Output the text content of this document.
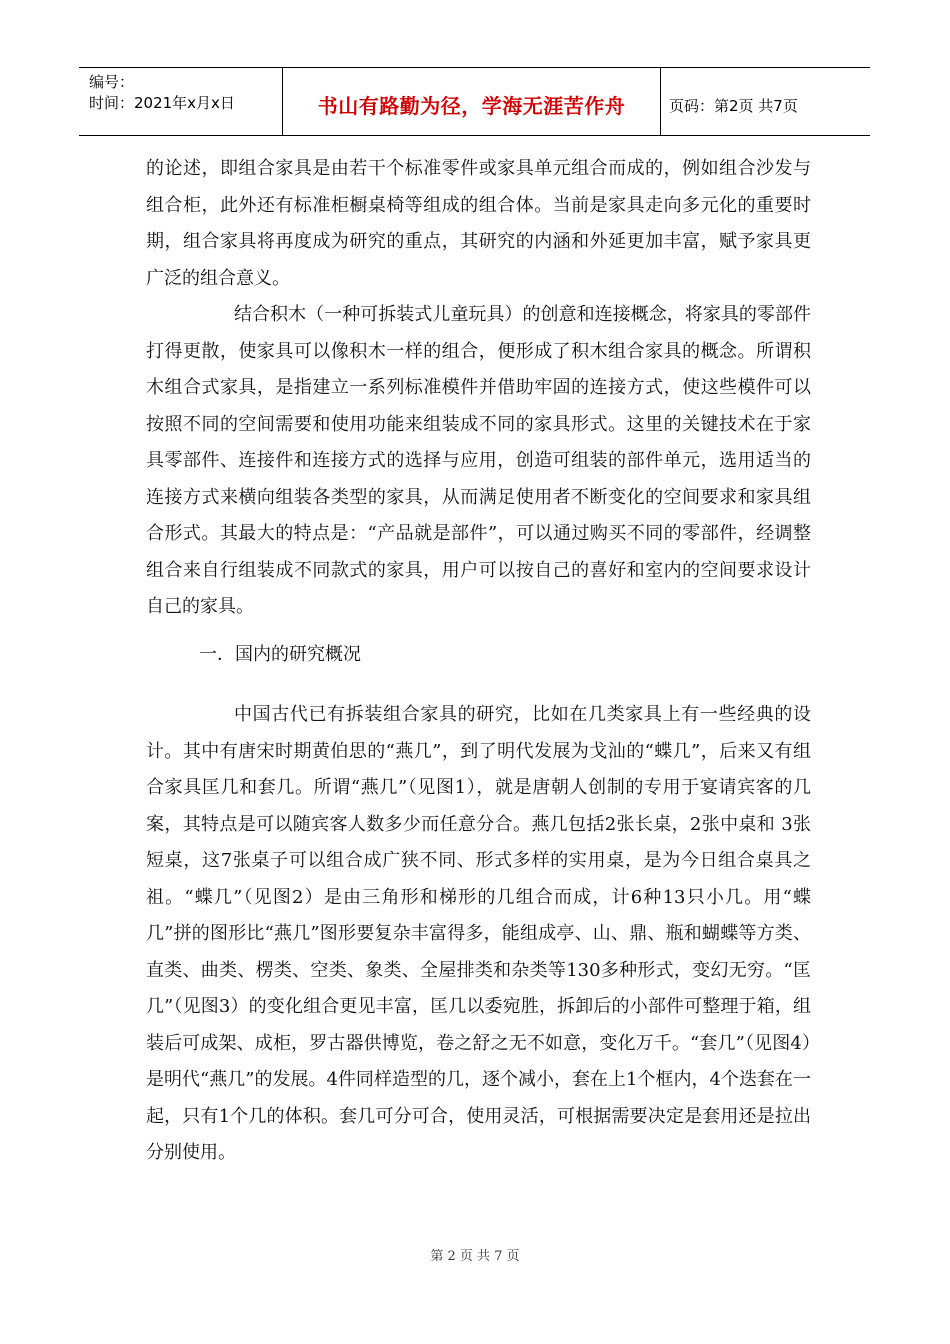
编号：
时间：2021年x月x日	书山有路勤为径，学海无涯苦作舟	页码：第2页 共7页

的论述，即组合家具是由若干个标准零件或家具单元组合而成的，例如组合沙发与组合柜，此外还有标准柜橱桌椅等组成的组合体。当前是家具走向多元化的重要时期，组合家具将再度成为研究的重点，其研究的内涵和外延更加丰富，赋予家具更广泛的组合意义。

结合积木（一种可拆装式儿童玩具）的创意和连接概念，将家具的零部件打得更散，使家具可以像积木一样的组合，便形成了积木组合家具的概念。所谓积木组合式家具，是指建立一系列标准模件并借助牢固的连接方式，使这些模件可以按照不同的空间需要和使用功能来组装成不同的家具形式。这里的关键技术在于家具零部件、连接件和连接方式的选择与应用，创造可组装的部件单元，选用适当的连接方式来横向组装各类型的家具，从而满足使用者不断变化的空间要求和家具组合形式。其最大的特点是：“产品就是部件”，可以通过购买不同的零部件，经调整组合来自行组装成不同款式的家具，用户可以按自己的喜好和室内的空间要求设计自己的家具。

一．国内的研究概况

中国古代已有拆装组合家具的研究，比如在几类家具上有一些经典的设计。其中有唐宋时期黄伯思的“燕几”，到了明代发展为戈汕的“蝶几”，后来又有组合家具匡几和套几。所谓“燕几”（见图1），就是唐朝人创制的专用于宴请宾客的几案，其特点是可以随宾客人数多少而任意分合。燕几包括2张长桌，2张中桌和 3张短桌，这7张桌子可以组合成广狭不同、形式多样的实用桌，是为今日组合桌具之祖。“蝶几”（见图2）是由三角形和梯形的几组合而成，计6种13只小几。用“蝶几”拼的图形比“燕几”图形要复杂丰富得多，能组成亭、山、鼎、瓶和蝴蝶等方类、直类、曲类、楞类、空类、象类、全屋排类和杂类等130多种形式，变幻无穷。“匡几”（见图3）的变化组合更见丰富，匡几以委宛胜，拆卸后的小部件可整理于箱，组装后可成架、成柜，罗古器供博览，卷之舒之无不如意，变化万千。“套几”（见图4）是明代“燕几”的发展。4件同样造型的几，逐个减小，套在上1个框内，4个迭套在一起，只有1个几的体积。套几可分可合，使用灵活，可根据需要决定是套用还是拉出分别使用。

第 2 页 共 7 页
